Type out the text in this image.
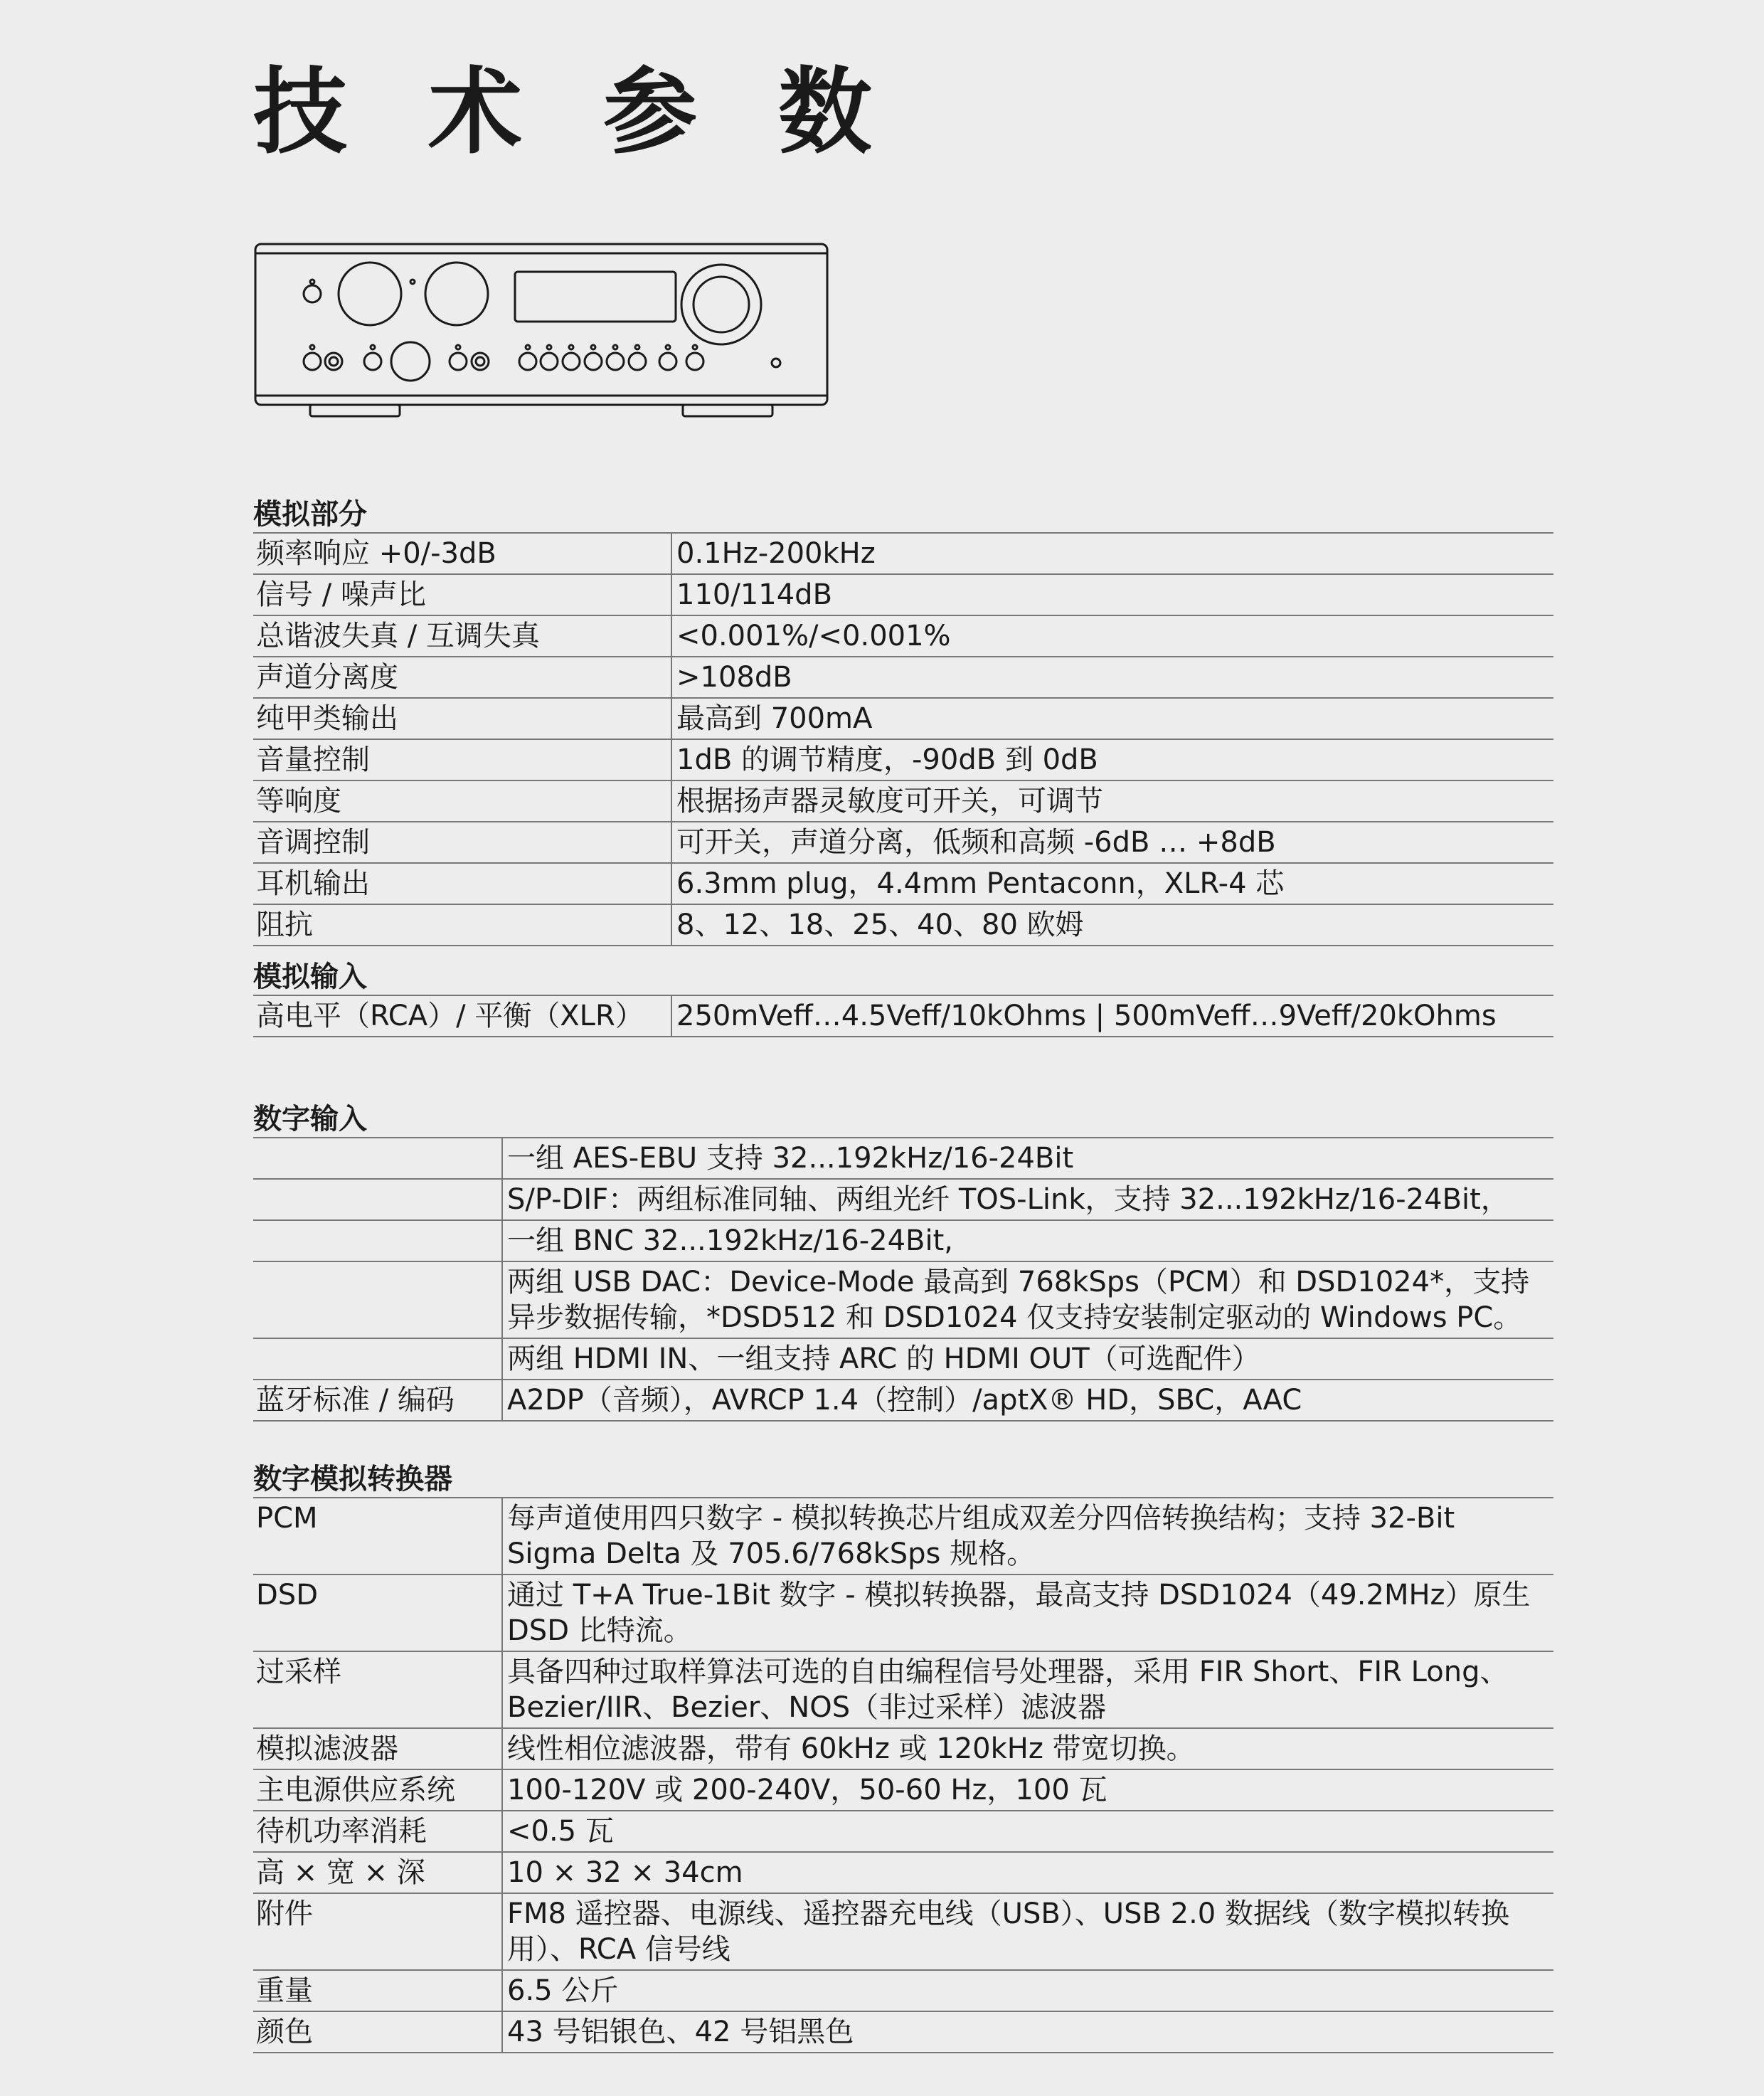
技 术 参 数
模拟部分
频率响应 +0/-3dB	0.1Hz-200kHz
信号 / 噪声比	110/114dB
总谐波失真 / 互调失真	<0.001%/<0.001%
声道分离度	>108dB
纯甲类输出	最高到 700mA
音量控制	1dB 的调节精度，-90dB 到 0dB
等响度	根据扬声器灵敏度可开关，可调节
音调控制	可开关，声道分离，低频和高频 -6dB … +8dB
耳机输出	6.3mm plug，4.4mm Pentaconn，XLR-4 芯
阻抗	8、12、18、25、40、80 欧姆
模拟输入
高电平（RCA）/ 平衡（XLR）	250mVeff…4.5Veff/10kOhms | 500mVeff…9Veff/20kOhms
数字输入
	一组 AES-EBU 支持 32...192kHz/16-24Bit
	S/P-DIF：两组标准同轴、两组光纤 TOS-Link，支持 32...192kHz/16-24Bit，
	一组 BNC 32...192kHz/16-24Bit,
	两组 USB DAC：Device-Mode 最高到 768kSps（PCM）和 DSD1024*，支持异步数据传输，*DSD512 和 DSD1024 仅支持安装制定驱动的 Windows PC。
	两组 HDMI IN、一组支持 ARC 的 HDMI OUT（可选配件）
蓝牙标准 / 编码	A2DP（音频），AVRCP 1.4（控制）/aptX® HD，SBC，AAC
数字模拟转换器
PCM	每声道使用四只数字 - 模拟转换芯片组成双差分四倍转换结构；支持 32-Bit Sigma Delta 及 705.6/768kSps 规格。
DSD	通过 T+A True-1Bit 数字 - 模拟转换器，最高支持 DSD1024（49.2MHz）原生 DSD 比特流。
过采样	具备四种过取样算法可选的自由编程信号处理器，采用 FIR Short、FIR Long、Bezier/IIR、Bezier、NOS（非过采样）滤波器
模拟滤波器	线性相位滤波器，带有 60kHz 或 120kHz 带宽切换。
主电源供应系统	100-120V 或 200-240V，50-60 Hz，100 瓦
待机功率消耗	<0.5 瓦
高 × 宽 × 深	10 × 32 × 34cm
附件	FM8 遥控器、电源线、遥控器充电线（USB）、USB 2.0 数据线（数字模拟转换用）、RCA 信号线
重量	6.5 公斤
颜色	43 号铝银色、42 号铝黑色
